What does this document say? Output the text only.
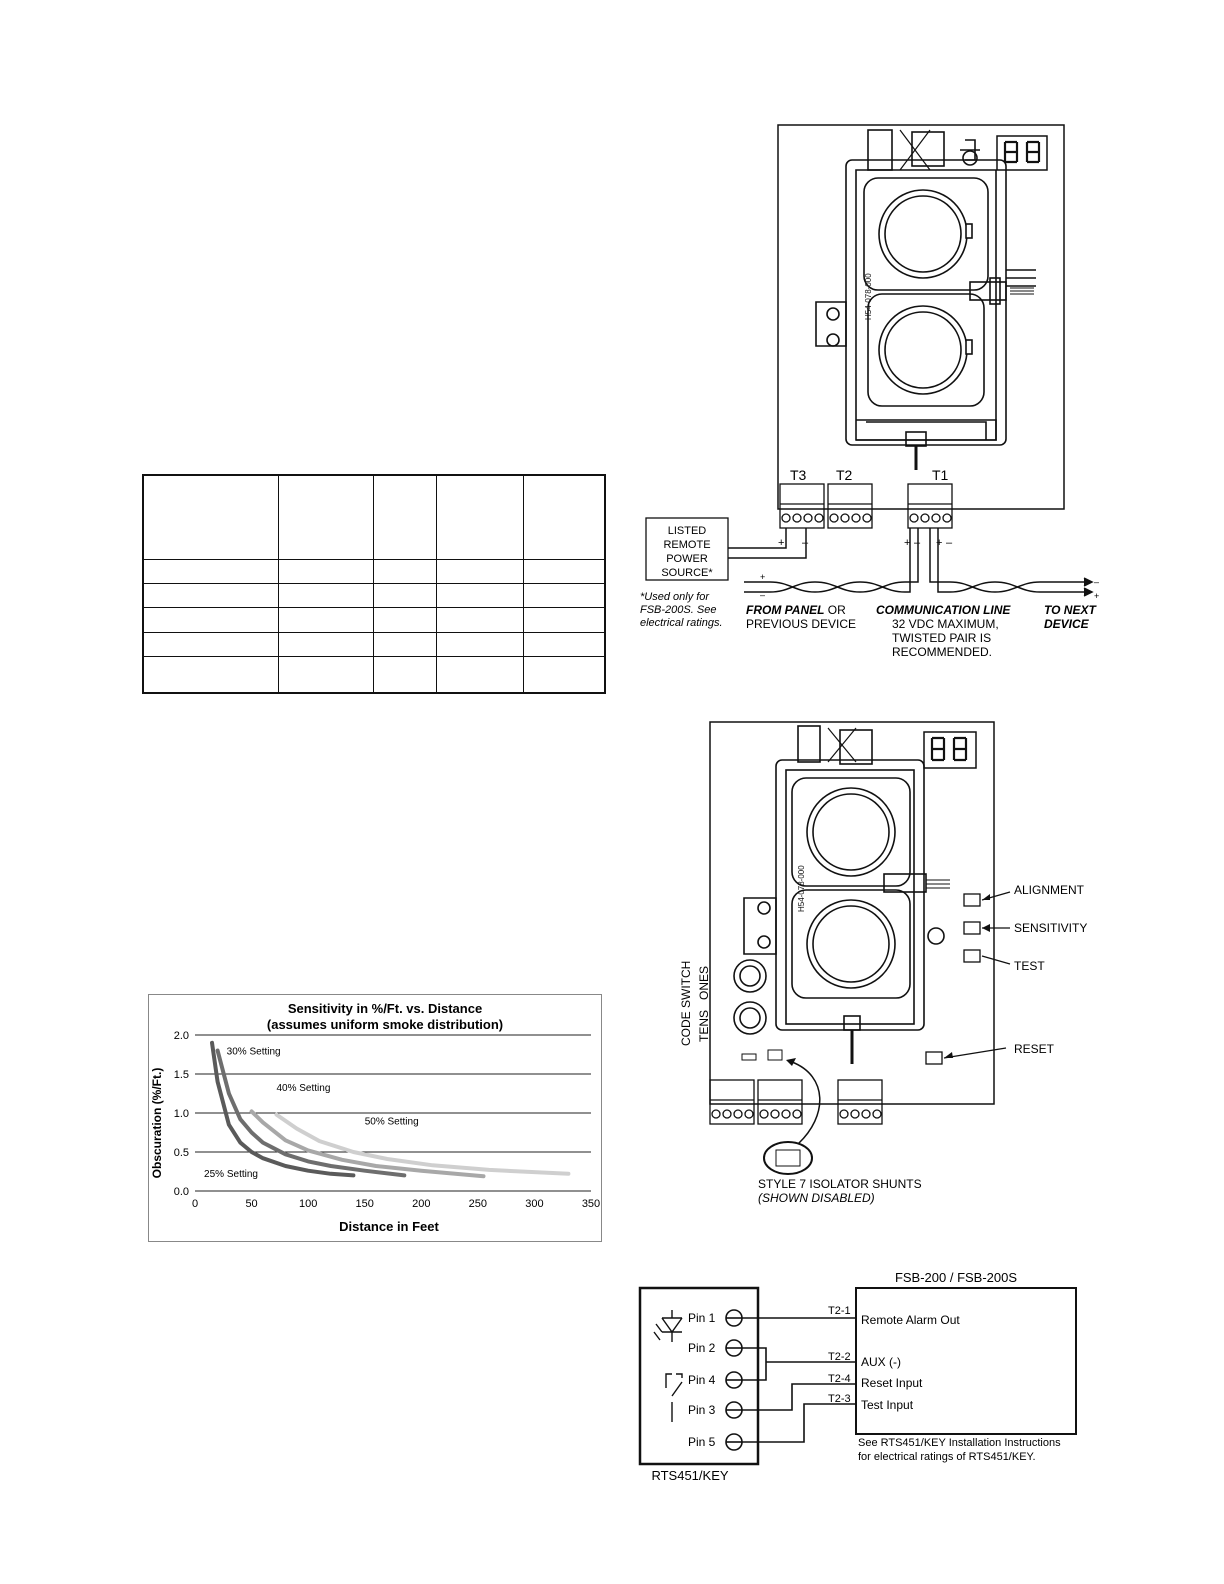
Sensitivity in %/Ft. vs. Distance
(assumes uniform smoke distribution)
Obscuration (%/Ft.)
Distance in Feet
0.0
0.5
1.0
1.5
2.0
0	50	100	150	200	250	300	350
30% Setting
40% Setting
50% Setting
25% Setting
H54-078-000
T3 T2	T1
+ –	+ – + –
LISTED
REMOTE
POWER
SOURCE*
*Used only for
FSB-200S. See
electrical ratings.
+
–
–
+
FROM PANEL OR
PREVIOUS DEVICE
COMMUNICATION LINE
32 VDC MAXIMUM,
TWISTED PAIR IS
RECOMMENDED.
TO NEXT
DEVICE
H54-078-000	ALIGNMENT
SENSITIVITY
TEST
RESET
CODE SWITCH TENS
ONES
STYLE 7 ISOLATOR SHUNTS
(SHOWN DISABLED)
FSB-200 / FSB-200S
RTS451/KEY
Pin 1
Pin 2
Pin 4
Pin 3
Pin 5
T2-1
T2-2
T2-4
T2-3
Remote Alarm Out
AUX (-)
Reset Input
Test Input
See RTS451/KEY Installation Instructions
for electrical ratings of RTS451/KEY.
